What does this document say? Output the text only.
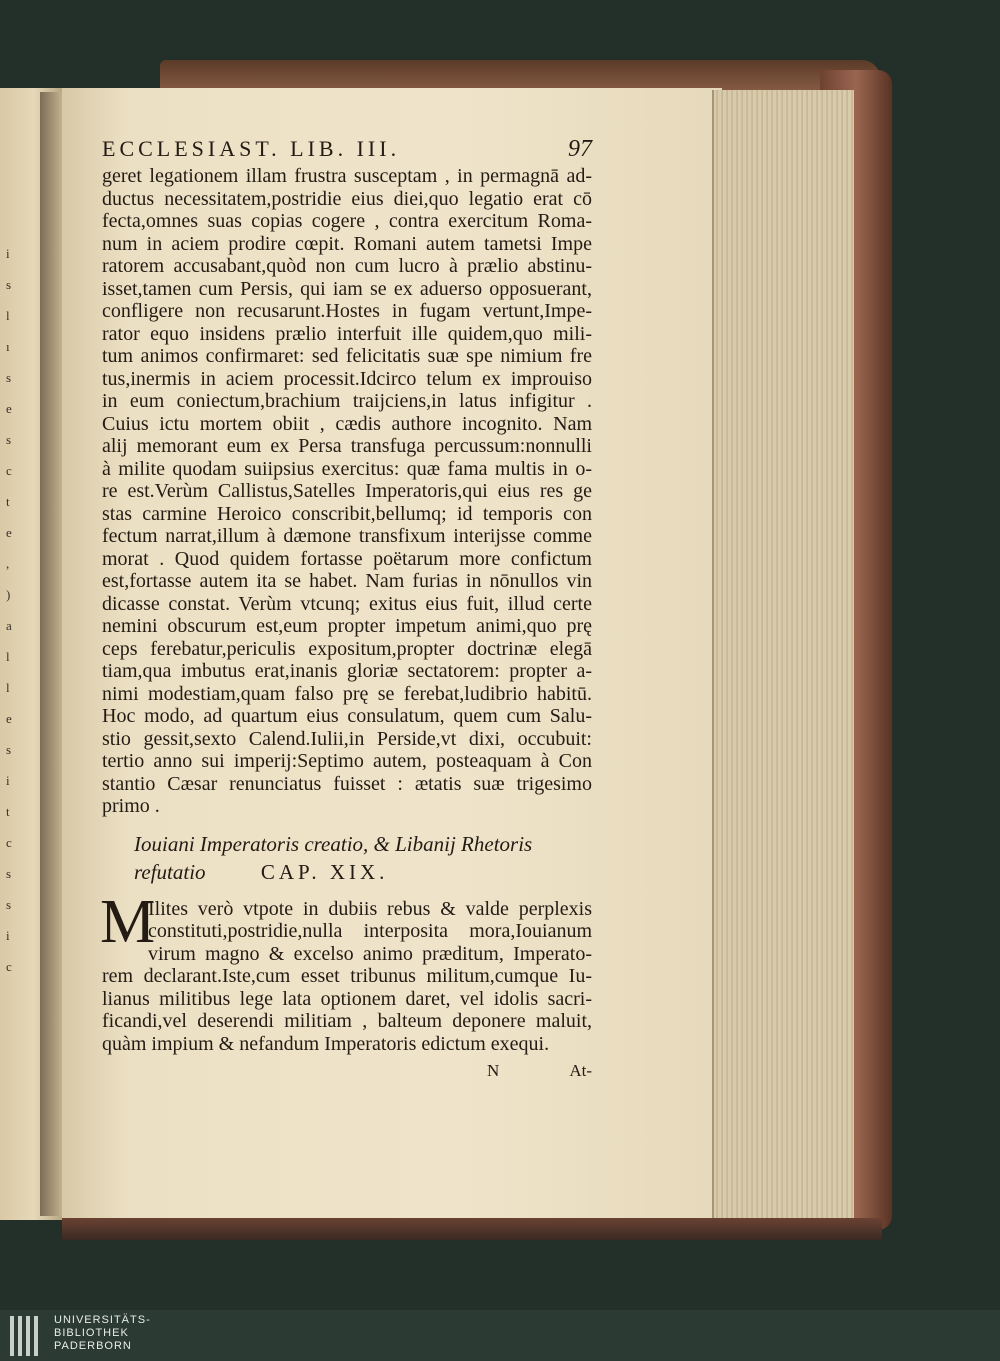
i
s
l
ı
s
e
s
c
t
e
,
)
a
l
l
e
s
i
t
c
s
s
i
c
ECCLESIAST. LIB. III.	97
geret legationem illam frustra susceptam , in permagnā ad-
ductus necessitatem,postridie eius diei,quo legatio erat cō
fecta,omnes suas copias cogere , contra exercitum Roma-
num in aciem prodire cœpit. Romani autem tametsi Impe
ratorem accusabant,quòd non cum lucro à prælio abstinu-
isset,tamen cum Persis, qui iam se ex aduerso opposuerant,
confligere non recusarunt.Hostes in fugam vertunt,Impe-
rator equo insidens prælio interfuit ille quidem,quo mili-
tum animos confirmaret: sed felicitatis suæ spe nimium fre
tus,inermis in aciem processit.Idcirco telum ex improuiso
in eum coniectum,brachium traijciens,in latus infigitur .
Cuius ictu mortem obiit , cædis authore incognito. Nam
alij memorant eum ex Persa transfuga percussum:nonnulli
à milite quodam suiipsius exercitus: quæ fama multis in o-
re est.Verùm Callistus,Satelles Imperatoris,qui eius res ge
stas carmine Heroico conscribit,bellumq; id temporis con
fectum narrat,illum à dæmone transfixum interijsse comme
morat . Quod quidem fortasse poëtarum more confictum
est,fortasse autem ita se habet. Nam furias in nōnullos vin
dicasse constat. Verùm vtcunq; exitus eius fuit, illud certe
nemini obscurum est,eum propter impetum animi,quo prę
ceps ferebatur,periculis expositum,propter doctrinæ elegā
tiam,qua imbutus erat,inanis gloriæ sectatorem: propter a-
nimi modestiam,quam falso prę se ferebat,ludibrio habitū.
Hoc modo, ad quartum eius consulatum, quem cum Salu-
stio gessit,sexto Calend.Iulii,in Perside,vt dixi, occubuit:
tertio anno sui imperij:Septimo autem, posteaquam à Con
stantio Cæsar renunciatus fuisset : ætatis suæ trigesimo
primo .
Iouiani Imperatoris creatio, & Libanij Rhetoris
refutatio	CAP. XIX.
M
Ilites verò vtpote in dubiis rebus & valde perplexis
constituti,postridie,nulla interposita mora,Iouianum
virum magno & excelso animo præditum, Imperato-
rem declarant.Iste,cum esset tribunus militum,cumque Iu-
lianus militibus lege lata optionem daret, vel idolis sacri-
ficandi,vel deserendi militiam , balteum deponere maluit,
quàm impium & nefandum Imperatoris edictum exequi.
N	At-
UNIVERSITÄTS-
BIBLIOTHEK
PADERBORN
